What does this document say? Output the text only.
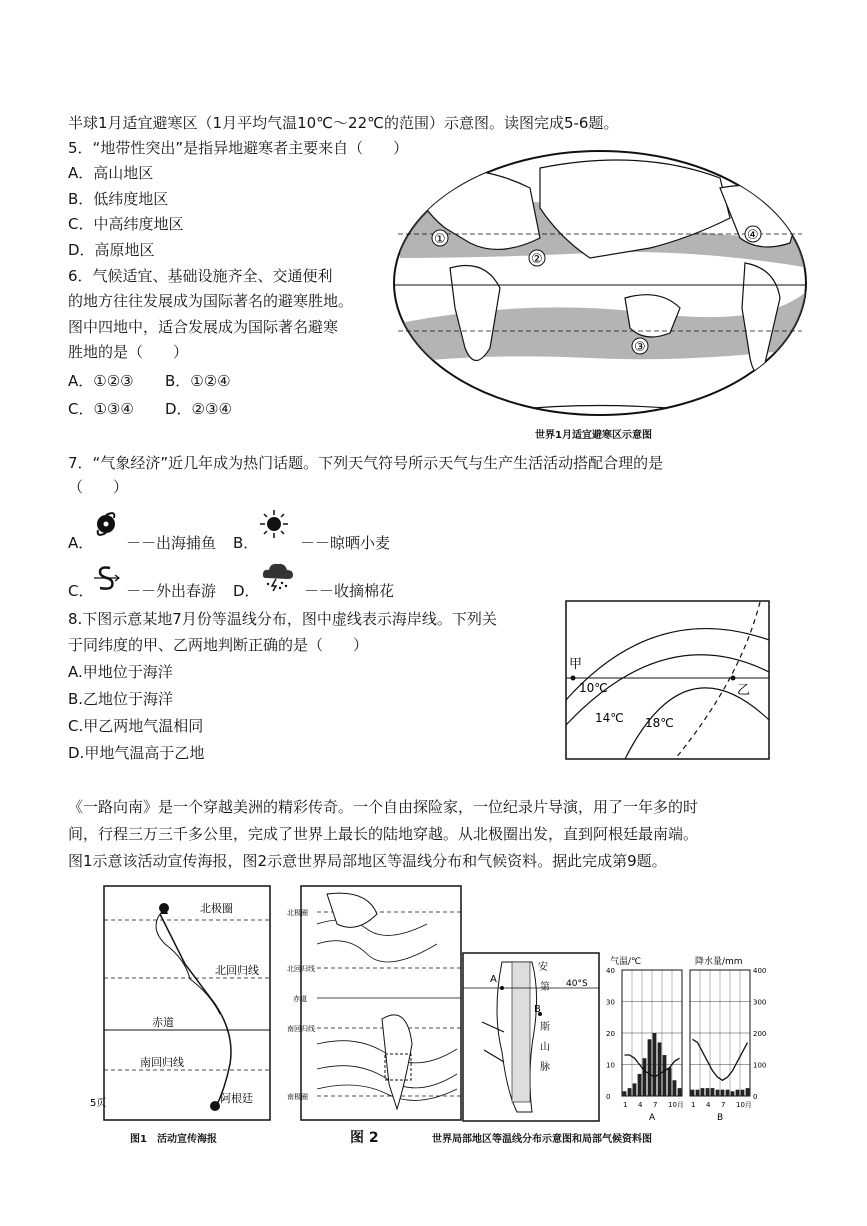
半球1月适宜避寒区（1月平均气温10℃～22℃的范围）示意图。读图完成5-6题。
5．“地带性突出”是指异地避寒者主要来自（　　）
A．高山地区
B．低纬度地区
C．中高纬度地区
D．高原地区
6．气候适宜、基础设施齐全、交通便利
的地方往往发展成为国际著名的避寒胜地。
图中四地中，适合发展成为国际著名避寒
胜地的是（　　）
A．①②③ B．①②④
C．①③④ D．②③④
①
②
③
④
世界1月适宜避寒区示意图
7．“气象经济”近几年成为热门话题。下列天气符号所示天气与生产生活活动搭配合理的是
（　　）
A． －－出海捕鱼 B．	－－晾晒小麦
C． －－外出春游 D．	－－收摘棉花
8.下图示意某地7月份等温线分布，图中虚线表示海岸线。下列关
于同纬度的甲、乙两地判断正确的是（　　）
A.甲地位于海洋
B.乙地位于海洋
C.甲乙两地气温相同
D.甲地气温高于乙地
甲
乙
10℃
14℃ 18℃
《一路向南》是一个穿越美洲的精彩传奇。一个自由探险家，一位纪录片导演，用了一年多的时
间，行程三万三千多公里，完成了世界上最长的陆地穿越。从北极圈出发，直到阿根廷最南端。
图1示意该活动宣传海报，图2示意世界局部地区等温线分布和气候资料。据此完成第9题。
北极圈
北回归线
赤道
南回归线
阿根廷
5页
图1　活动宣传海报
北极圈
北回归线
赤道
南回归线
南极圈
A
B
40°S
安
第
斯
山
脉
气温/℃	降水量/mm
A
1 4 7 10月
B
1 4 7 10月
40
30
20
10
0
400
300
200
100
0
图 2	世界局部地区等温线分布示意图和局部气候资料图
